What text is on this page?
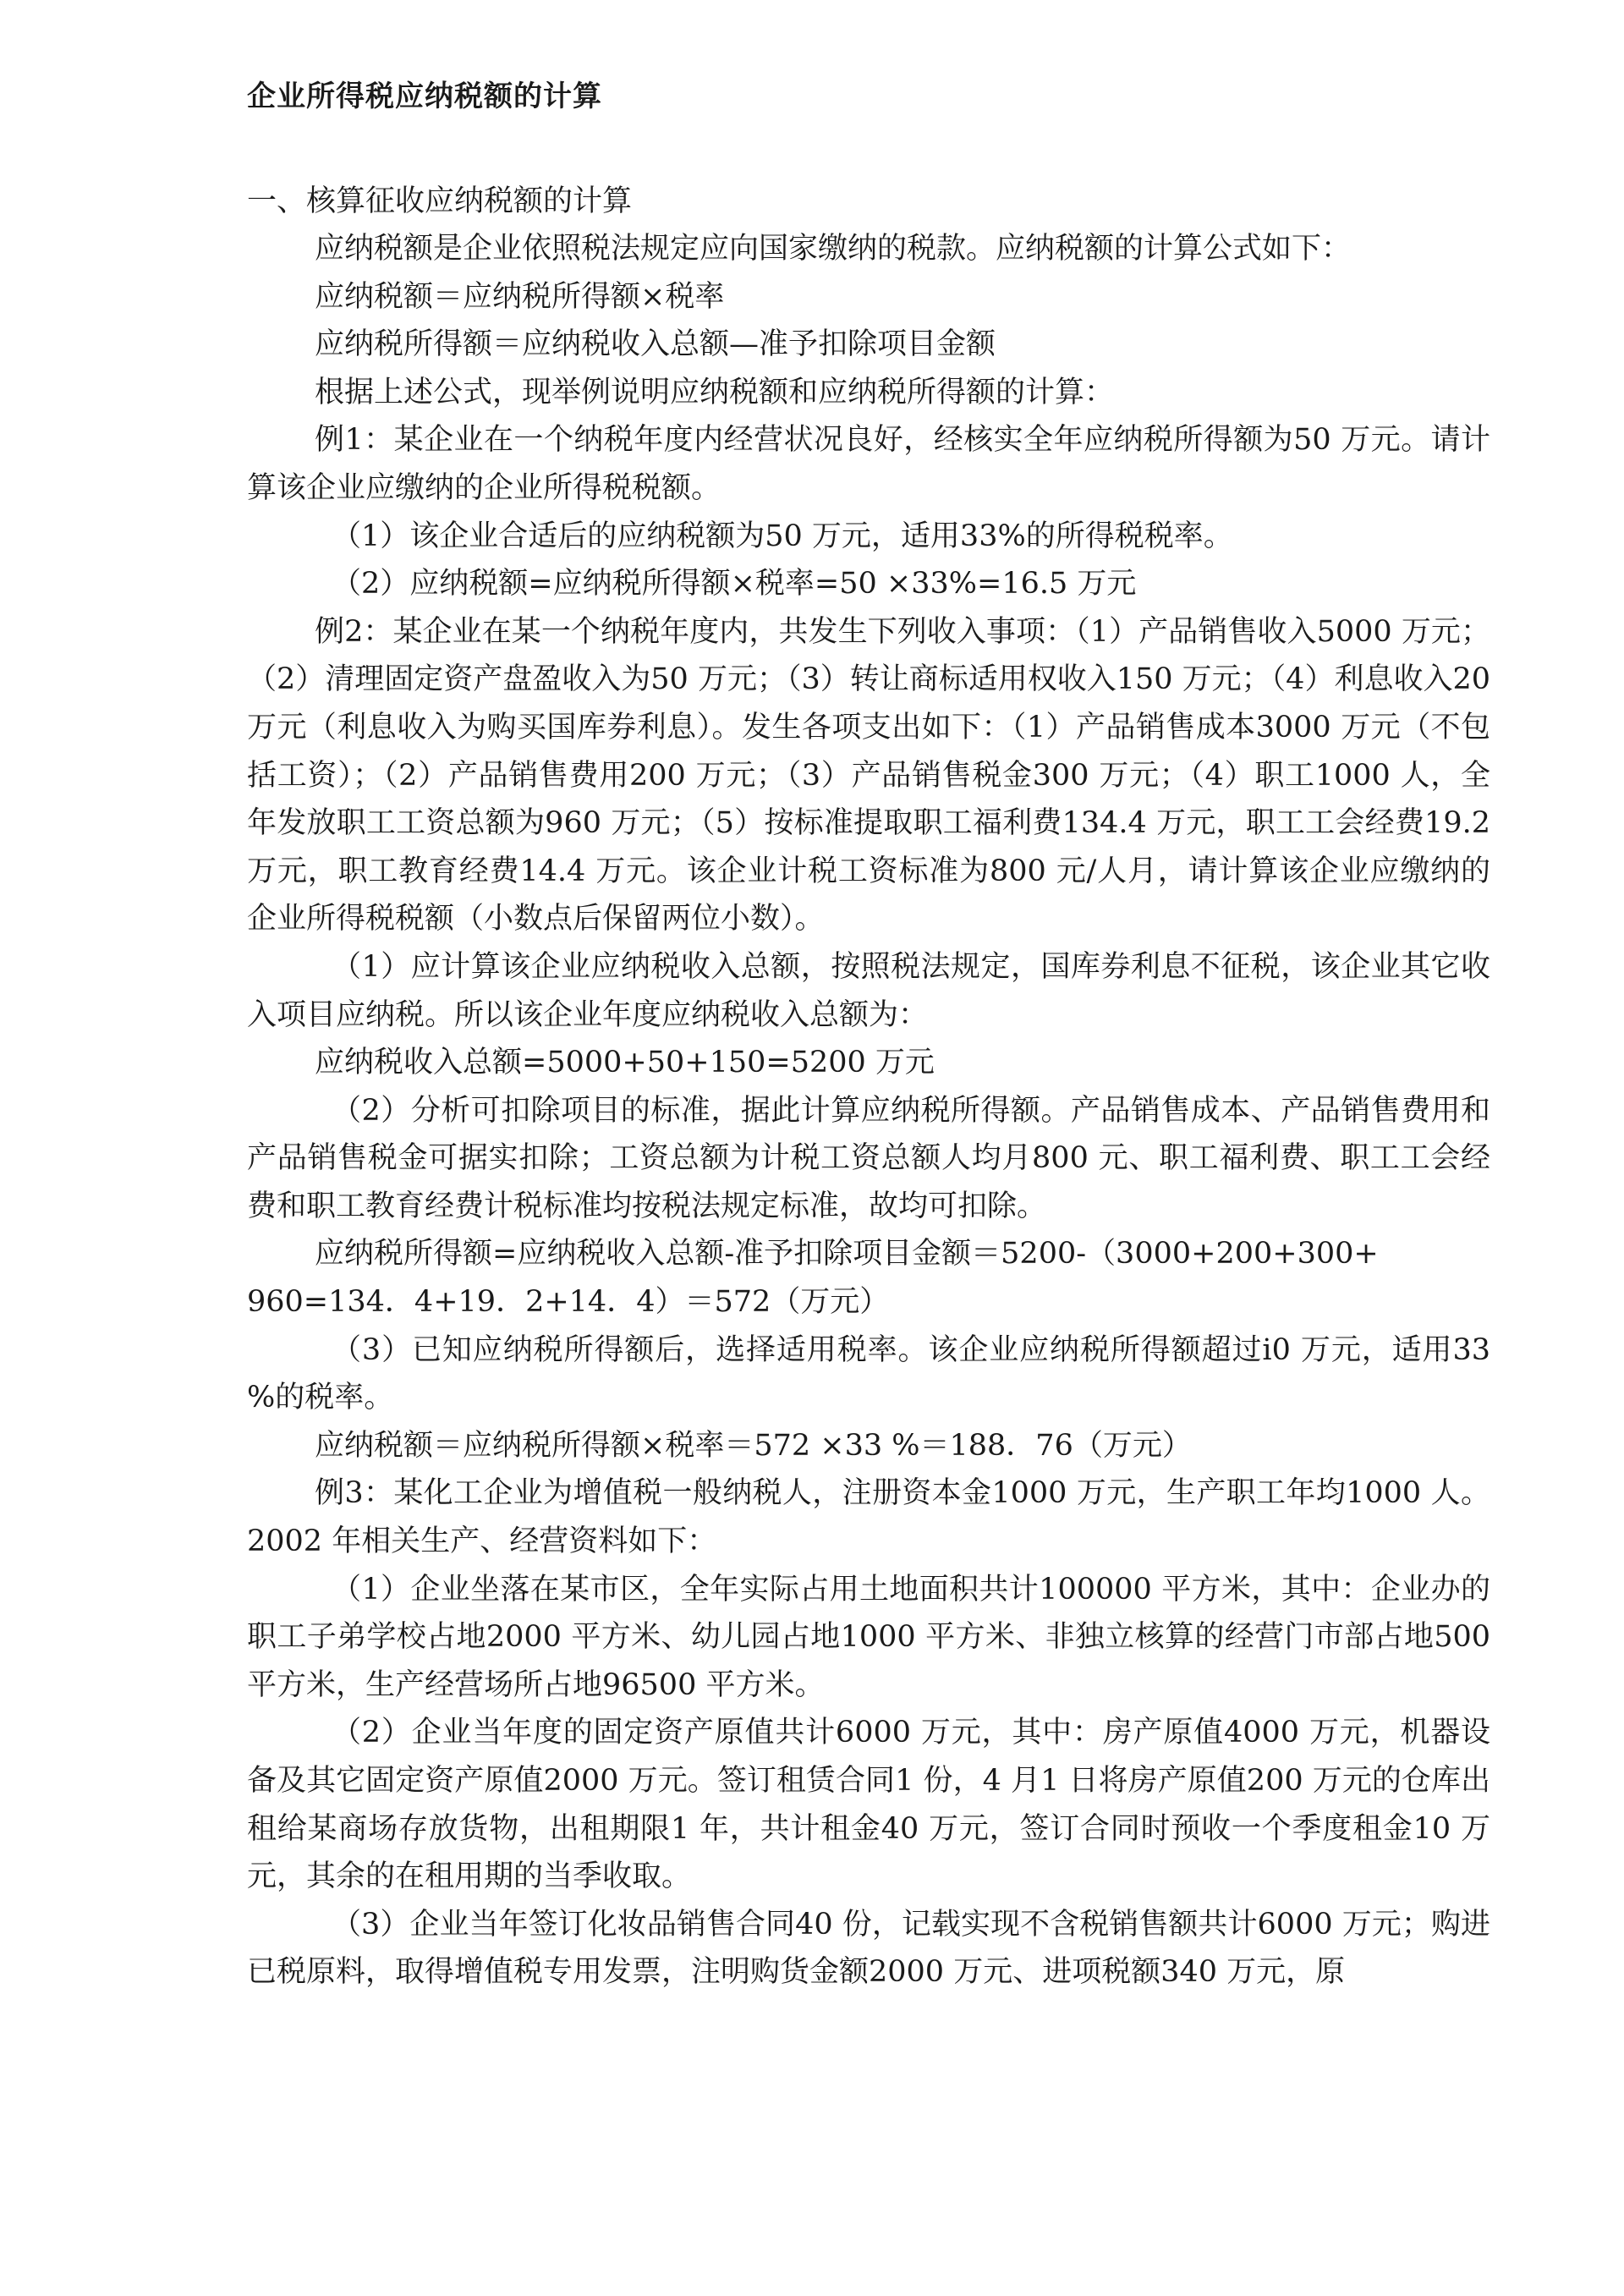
企业所得税应纳税额的计算
一、核算征收应纳税额的计算

应纳税额是企业依照税法规定应向国家缴纳的税款。应纳税额的计算公式如下：

应纳税额＝应纳税所得额×税率

应纳税所得额＝应纳税收入总额—准予扣除项目金额

根据上述公式，现举例说明应纳税额和应纳税所得额的计算：

例1：某企业在一个纳税年度内经营状况良好，经核实全年应纳税所得额为50 万元。请计算该企业应缴纳的企业所得税税额。

（1）该企业合适后的应纳税额为50 万元，适用33%的所得税税率。

（2）应纳税额=应纳税所得额×税率=50 ×33%=16.5 万元

例2：某企业在某一个纳税年度内，共发生下列收入事项：（1）产品销售收入5000 万元；（2）清理固定资产盘盈收入为50 万元；（3）转让商标适用权收入150 万元；（4）利息收入20 万元（利息收入为购买国库券利息）。发生各项支出如下：（1）产品销售成本3000 万元（不包括工资）；（2）产品销售费用200 万元；（3）产品销售税金300 万元；（4）职工1000 人，全年发放职工工资总额为960 万元；（5）按标准提取职工福利费134.4 万元，职工工会经费19.2 万元，职工教育经费14.4 万元。该企业计税工资标准为800 元/人月，请计算该企业应缴纳的企业所得税税额（小数点后保留两位小数）。

（1）应计算该企业应纳税收入总额，按照税法规定，国库券利息不征税，该企业其它收入项目应纳税。所以该企业年度应纳税收入总额为：

应纳税收入总额=5000+50+150=5200 万元

（2）分析可扣除项目的标准，据此计算应纳税所得额。产品销售成本、产品销售费用和产品销售税金可据实扣除；工资总额为计税工资总额人均月800 元、职工福利费、职工工会经费和职工教育经费计税标准均按税法规定标准，故均可扣除。

应纳税所得额=应纳税收入总额-准予扣除项目金额＝5200-（3000+200+300+

960=134．4+19．2+14．4）＝572（万元）

（3）已知应纳税所得额后，选择适用税率。该企业应纳税所得额超过i0 万元，适用33 %的税率。

应纳税额＝应纳税所得额×税率＝572 ×33 %＝188．76（万元）

例3：某化工企业为增值税一般纳税人，注册资本金1000 万元，生产职工年均1000 人。2002 年相关生产、经营资料如下：

（1）企业坐落在某市区，全年实际占用土地面积共计100000 平方米，其中：企业办的职工子弟学校占地2000 平方米、幼儿园占地1000 平方米、非独立核算的经营门市部占地500 平方米，生产经营场所占地96500 平方米。

（2）企业当年度的固定资产原值共计6000 万元，其中：房产原值4000 万元，机器设备及其它固定资产原值2000 万元。签订租赁合同1 份，4 月1 日将房产原值200 万元的仓库出租给某商场存放货物，出租期限1 年，共计租金40 万元，签订合同时预收一个季度租金10 万元，其余的在租用期的当季收取。

（3）企业当年签订化妆品销售合同40 份，记载实现不含税销售额共计6000 万元；购进已税原料，取得增值税专用发票，注明购货金额2000 万元、进项税额340 万元，原
